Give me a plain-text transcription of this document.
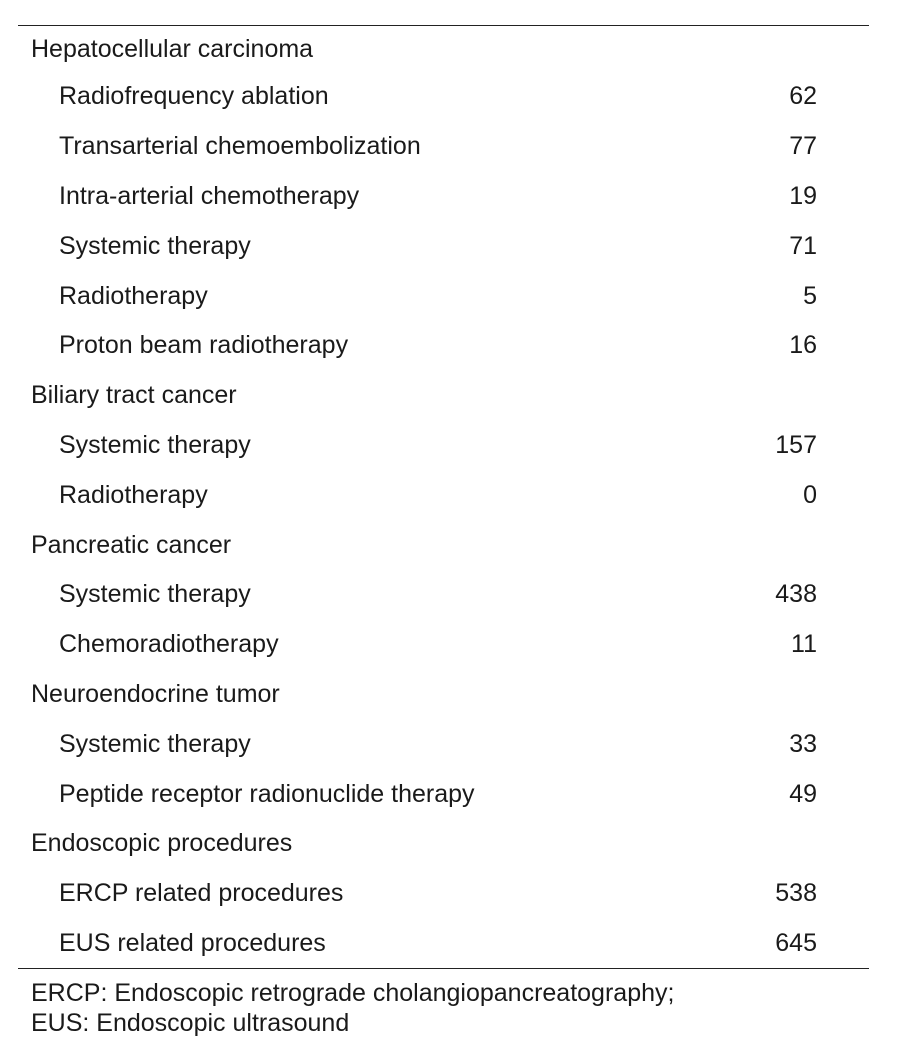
Hepatocellular carcinoma
Radiofrequency ablation	62
Transarterial chemoembolization	77
Intra-arterial chemotherapy	19
Systemic therapy	71
Radiotherapy	5
Proton beam radiotherapy	16
Biliary tract cancer
Systemic therapy	157
Radiotherapy	0
Pancreatic cancer
Systemic therapy	438
Chemoradiotherapy	11
Neuroendocrine tumor
Systemic therapy	33
Peptide receptor radionuclide therapy	49
Endoscopic procedures
ERCP related procedures	538
EUS related procedures	645
ERCP: Endoscopic retrograde cholangiopancreatography;
EUS: Endoscopic ultrasound
